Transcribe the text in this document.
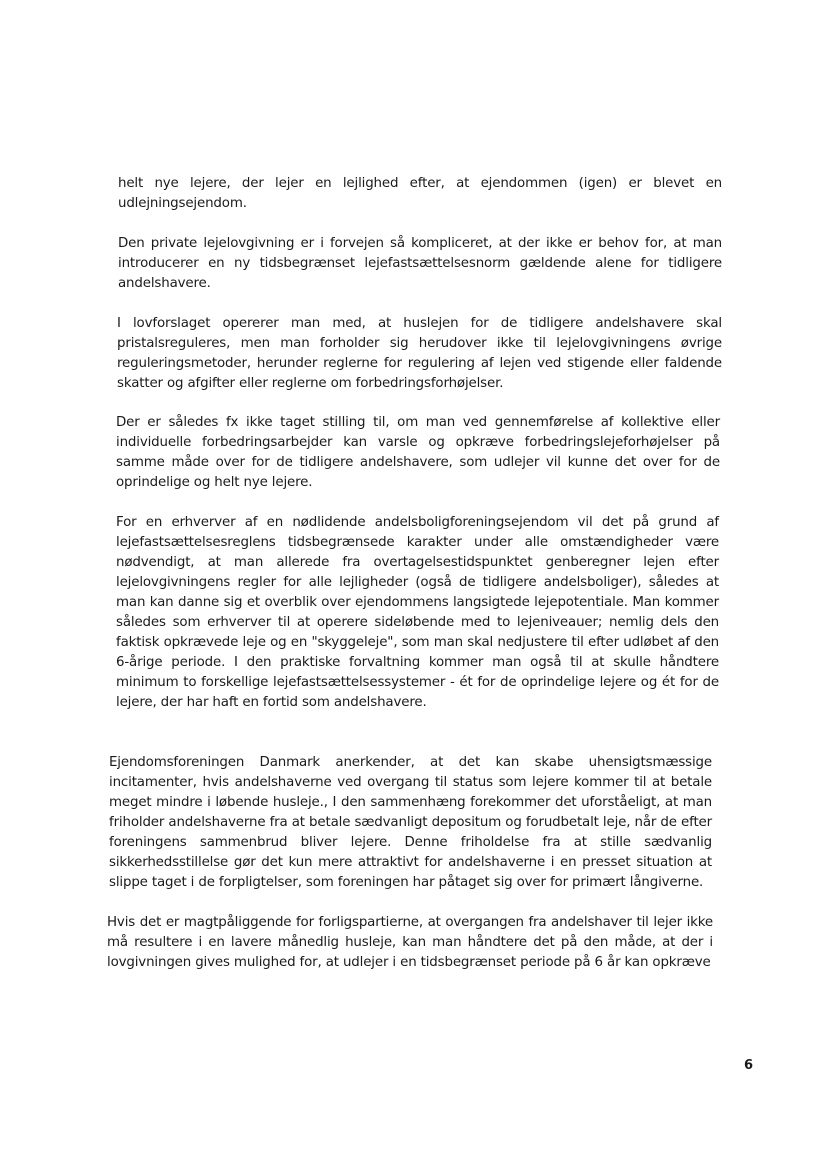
helt nye lejere, der lejer en lejlighed efter, at ejendommen (igen) er blevet en udlejningsejendom.

Den private lejelovgivning er i forvejen så kompliceret, at der ikke er behov for, at man introducerer en ny tidsbegrænset lejefastsættelsesnorm gældende alene for tidligere andelshavere.

I lovforslaget opererer man med, at huslejen for de tidligere andelshavere skal pristalsreguleres, men man forholder sig herudover ikke til lejelovgivningens øvrige reguleringsmetoder, herunder reglerne for regulering af lejen ved stigende eller faldende skatter og afgifter eller reglerne om forbedringsforhøjelser.

Der er således fx ikke taget stilling til, om man ved gennemførelse af kollektive eller individuelle forbedringsarbejder kan varsle og opkræve forbedringslejeforhøjelser på samme måde over for de tidligere andelshavere, som udlejer vil kunne det over for de oprindelige og helt nye lejere.

For en erhverver af en nødlidende andelsboligforeningsejendom vil det på grund af lejefastsættelsesreglens tidsbegrænsede karakter under alle omstændigheder være nødvendigt, at man allerede fra overtagelsestidspunktet genberegner lejen efter lejelovgivningens regler for alle lejligheder (også de tidligere andelsboliger), således at man kan danne sig et overblik over ejendommens langsigtede lejepotentiale. Man kommer således som erhverver til at operere sideløbende med to lejeniveauer; nemlig dels den faktisk opkrævede leje og en "skyggeleje", som man skal nedjustere til efter udløbet af den 6-årige periode. I den praktiske forvaltning kommer man også til at skulle håndtere minimum to forskellige lejefastsættelsessystemer - ét for de oprindelige lejere og ét for de lejere, der har haft en fortid som andelshavere.

Ejendomsforeningen Danmark anerkender, at det kan skabe uhensigtsmæssige incitamenter, hvis andelshaverne ved overgang til status som lejere kommer til at betale meget mindre i løbende husleje., I den sammenhæng forekommer det uforståeligt, at man friholder andelshaverne fra at betale sædvanligt depositum og forudbetalt leje, når de efter foreningens sammenbrud bliver lejere. Denne friholdelse fra at stille sædvanlig sikkerhedsstillelse gør det kun mere attraktivt for andelshaverne i en presset situation at slippe taget i de forpligtelser, som foreningen har påtaget sig over for primært långiverne.

Hvis det er magtpåliggende for forligspartierne, at overgangen fra andelshaver til lejer ikke må resultere i en lavere månedlig husleje, kan man håndtere det på den måde, at der i lovgivningen gives mulighed for, at udlejer i en tidsbegrænset periode på 6 år kan opkræve

6
